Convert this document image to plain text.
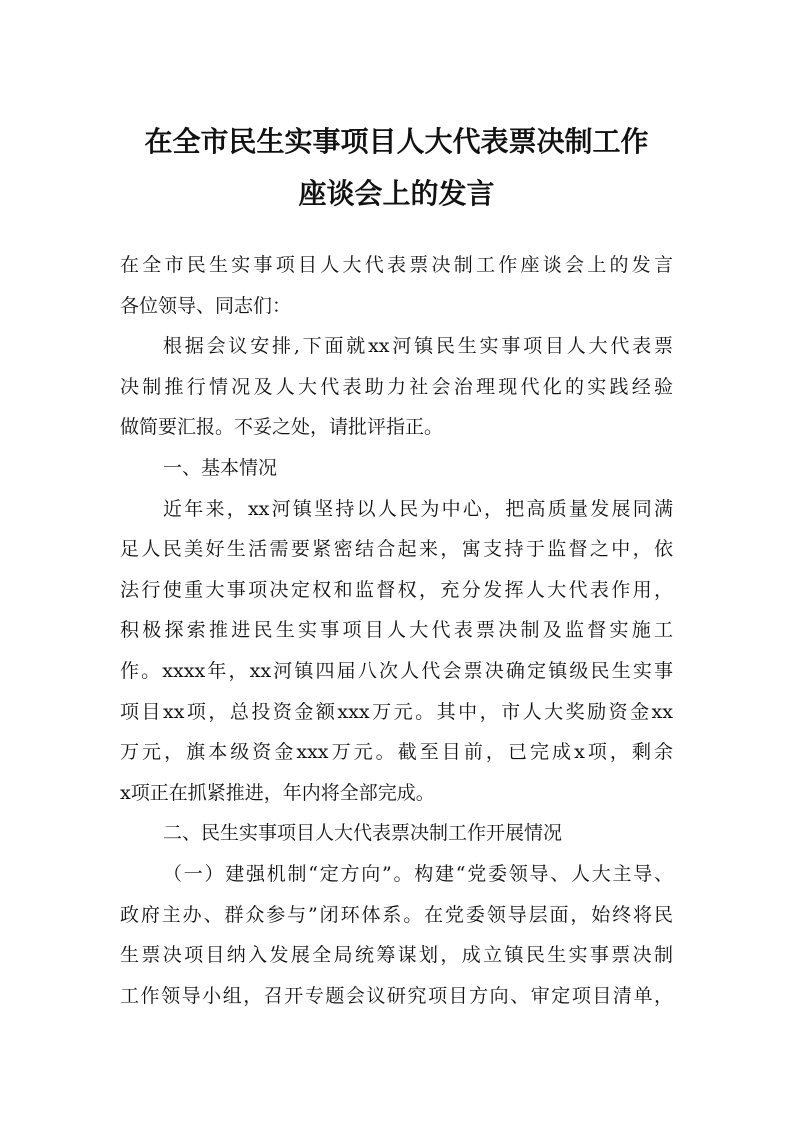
在全市民生实事项目人大代表票决制工作
座谈会上的发言
在全市民生实事项目人大代表票决制工作座谈会上的发言
各位领导、同志们：
根据会议安排,下面就xx河镇民生实事项目人大代表票
决制推行情况及人大代表助力社会治理现代化的实践经验
做简要汇报。不妥之处，请批评指正。
一、基本情况
近年来，xx河镇坚持以人民为中心，把高质量发展同满
足人民美好生活需要紧密结合起来，寓支持于监督之中，依
法行使重大事项决定权和监督权，充分发挥人大代表作用，
积极探索推进民生实事项目人大代表票决制及监督实施工
作。xxxx年，xx河镇四届八次人代会票决确定镇级民生实事
项目xx项，总投资金额xxx万元。其中，市人大奖励资金xx
万元，旗本级资金xxx万元。截至目前，已完成x项，剩余
x项正在抓紧推进，年内将全部完成。
二、民生实事项目人大代表票决制工作开展情况
（一）建强机制“定方向”。构建“党委领导、人大主导、
政府主办、群众参与”闭环体系。在党委领导层面，始终将民
生票决项目纳入发展全局统筹谋划，成立镇民生实事票决制
工作领导小组，召开专题会议研究项目方向、审定项目清单，
